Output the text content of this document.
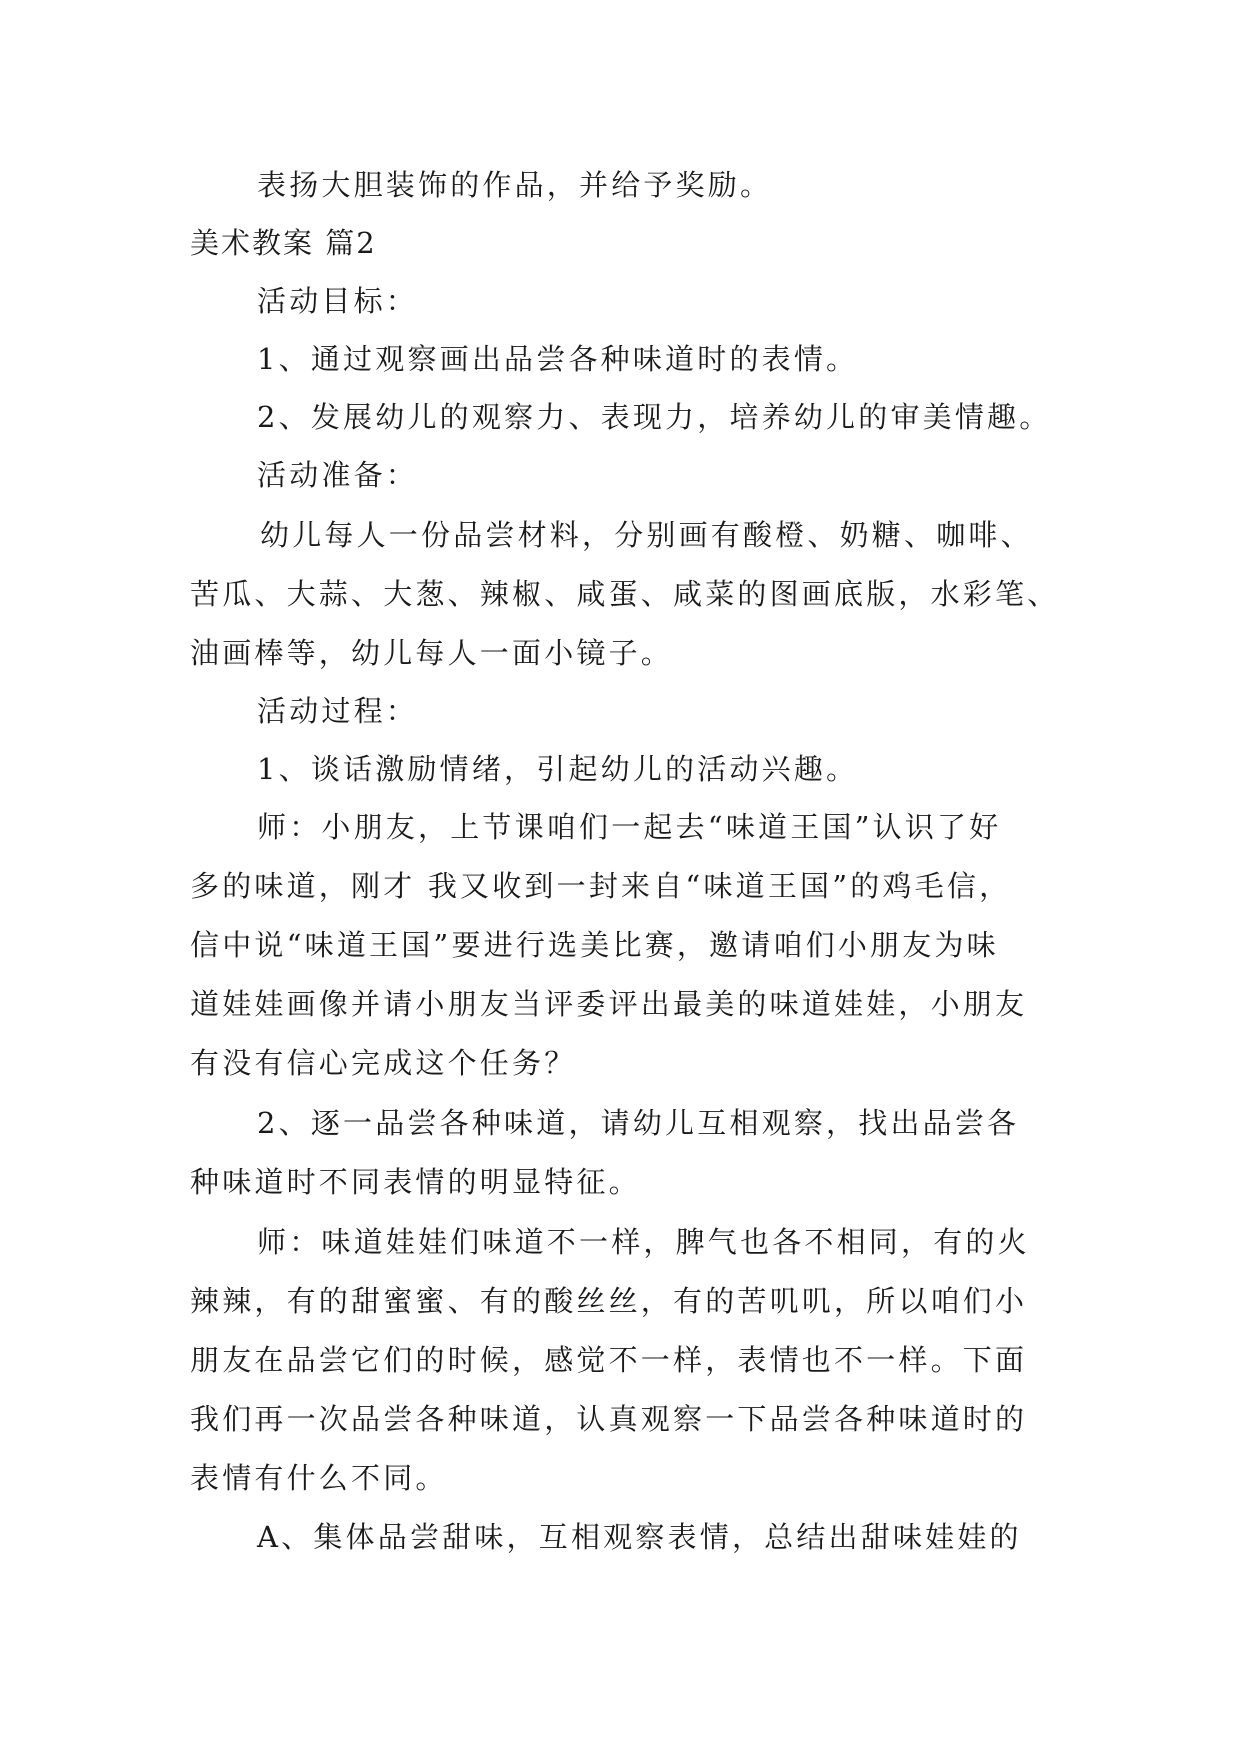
表扬大胆装饰的作品，并给予奖励。
美术教案 篇2
活动目标：
1、通过观察画出品尝各种味道时的表情。
2、发展幼儿的观察力、表现力，培养幼儿的审美情趣。
活动准备：
幼儿每人一份品尝材料，分别画有酸橙、奶糖、咖啡、
苦瓜、大蒜、大葱、辣椒、咸蛋、咸菜的图画底版，水彩笔、
油画棒等，幼儿每人一面小镜子。
活动过程：
1、谈话激励情绪，引起幼儿的活动兴趣。
师：小朋友，上节课咱们一起去“味道王国”认识了好
多的味道，刚才 我又收到一封来自“味道王国”的鸡毛信，
信中说“味道王国”要进行选美比赛，邀请咱们小朋友为味
道娃娃画像并请小朋友当评委评出最美的味道娃娃，小朋友
有没有信心完成这个任务？
2、逐一品尝各种味道，请幼儿互相观察，找出品尝各
种味道时不同表情的明显特征。
师：味道娃娃们味道不一样，脾气也各不相同，有的火
辣辣，有的甜蜜蜜、有的酸丝丝，有的苦叽叽，所以咱们小
朋友在品尝它们的时候，感觉不一样，表情也不一样。下面
我们再一次品尝各种味道，认真观察一下品尝各种味道时的
表情有什么不同。
A、集体品尝甜味，互相观察表情，总结出甜味娃娃的
